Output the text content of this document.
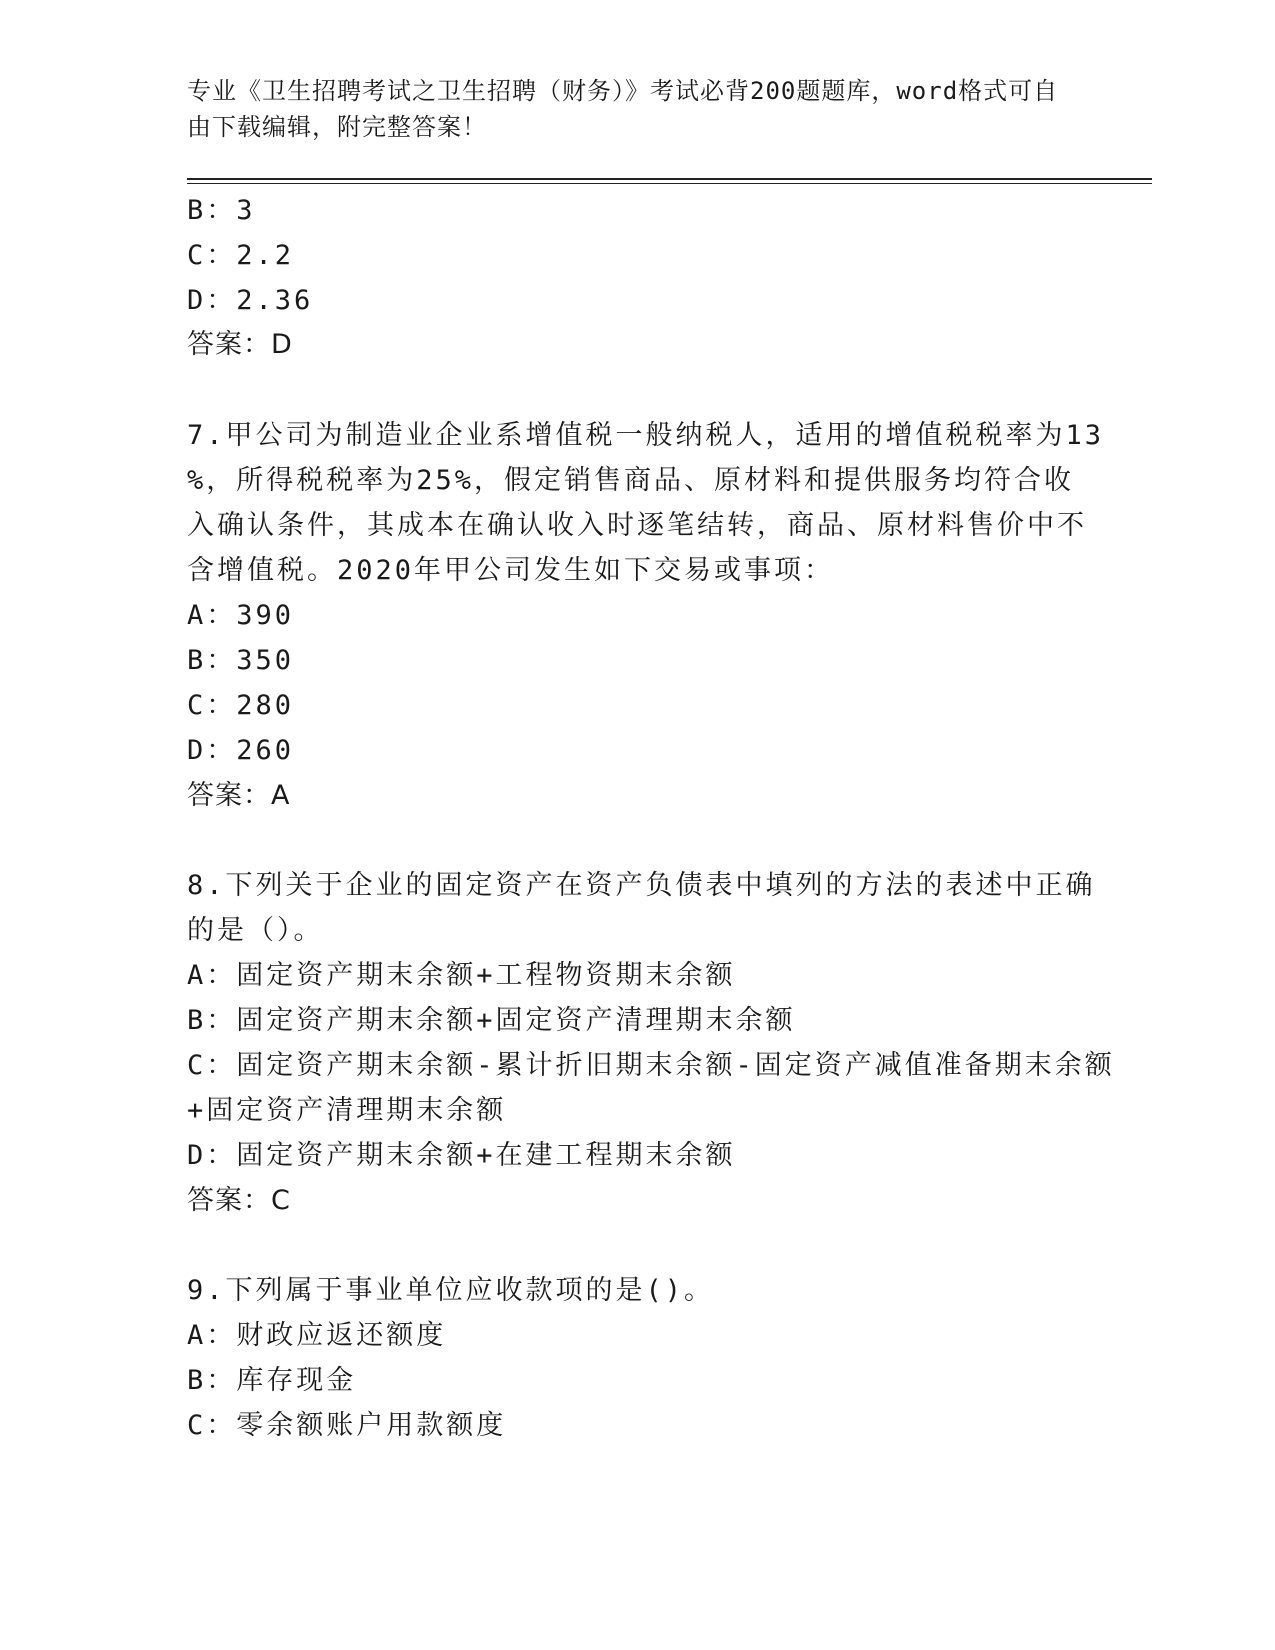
专业《卫生招聘考试之卫生招聘（财务）》考试必背200题题库，word格式可自
由下载编辑，附完整答案！
B：3
C：2.2
D：2.36
答案：D
7.甲公司为制造业企业系增值税一般纳税人，适用的增值税税率为13
%，所得税税率为25%，假定销售商品、原材料和提供服务均符合收
入确认条件，其成本在确认收入时逐笔结转，商品、原材料售价中不
含增值税。2020年甲公司发生如下交易或事项：
A：390
B：350
C：280
D：260
答案：A
8.下列关于企业的固定资产在资产负债表中填列的方法的表述中正确
的是（）。
A：固定资产期末余额+工程物资期末余额
B：固定资产期末余额+固定资产清理期末余额
C：固定资产期末余额-累计折旧期末余额-固定资产减值准备期末余额
+固定资产清理期末余额
D：固定资产期末余额+在建工程期末余额
答案：C
9.下列属于事业单位应收款项的是()。
A：财政应返还额度
B：库存现金
C：零余额账户用款额度
